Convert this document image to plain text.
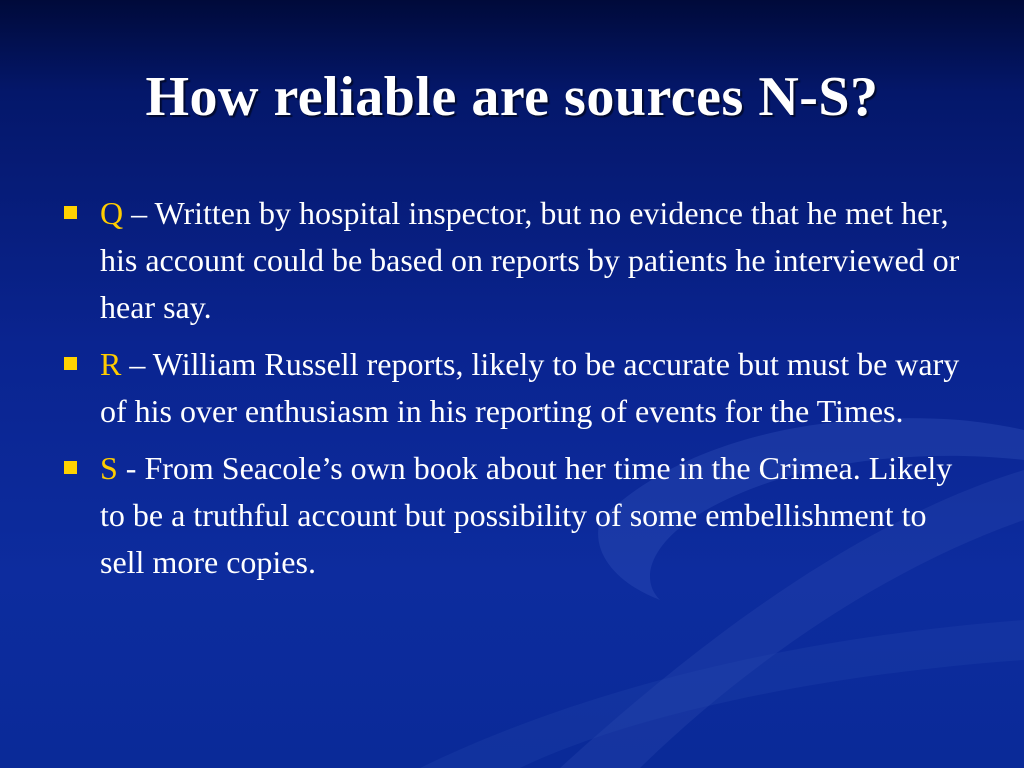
How reliable are sources N-S?
Q – Written by hospital inspector, but no evidence that he met her, his account could be based on reports by patients he interviewed or hear say.
R – William Russell reports, likely to be accurate but must be wary of his over enthusiasm in his reporting of events for the Times.
S - From Seacole’s own book about her time in the Crimea. Likely to be a truthful account but possibility of some embellishment to sell more copies.
